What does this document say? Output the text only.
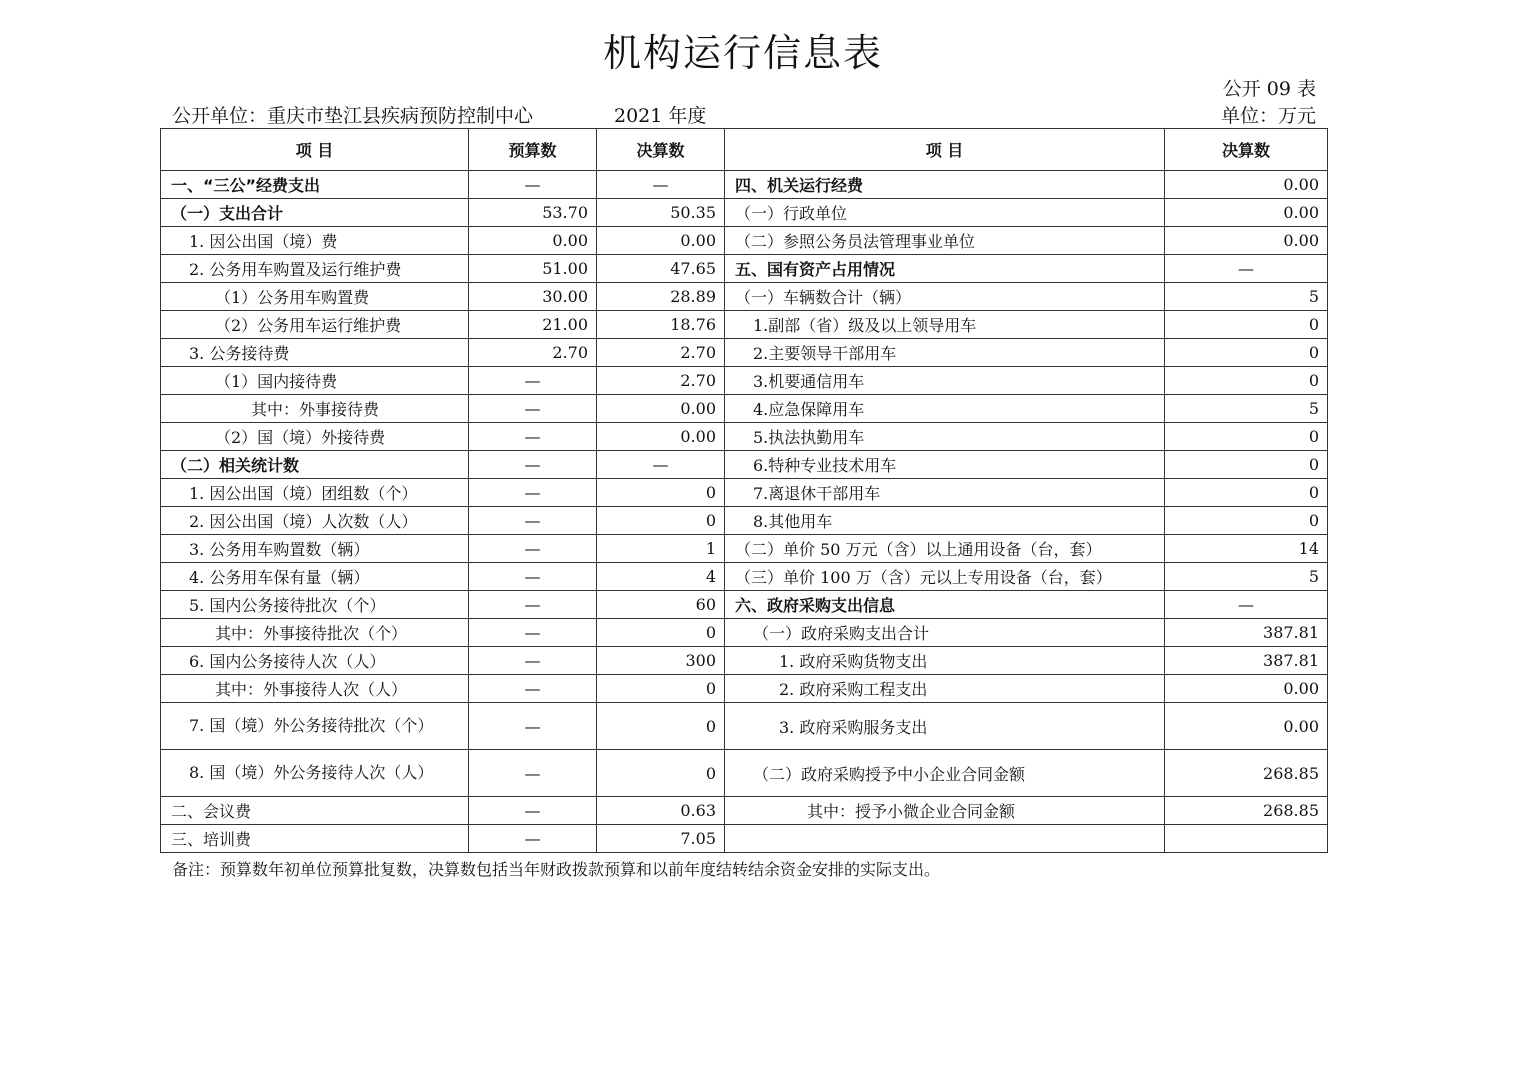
机构运行信息表
公开 09 表
公开单位：重庆市垫江县疾病预防控制中心	2021 年度	单位：万元
项 目	预算数	决算数	项 目	决算数
一、“三公”经费支出	—	—	四、机关运行经费	0.00
（一）支出合计	53.70	50.35	（一）行政单位	0.00
1. 因公出国（境）费	0.00	0.00	（二）参照公务员法管理事业单位	0.00
2. 公务用车购置及运行维护费	51.00	47.65	五、国有资产占用情况	—
（1）公务用车购置费	30.00	28.89	（一）车辆数合计（辆）	5
（2）公务用车运行维护费	21.00	18.76	1.副部（省）级及以上领导用车	0
3. 公务接待费	2.70	2.70	2.主要领导干部用车	0
（1）国内接待费	—	2.70	3.机要通信用车	0
其中：外事接待费	—	0.00	4.应急保障用车	5
（2）国（境）外接待费	—	0.00	5.执法执勤用车	0
（二）相关统计数	—	—	6.特种专业技术用车	0
1. 因公出国（境）团组数（个）	—	0	7.离退休干部用车	0
2. 因公出国（境）人次数（人）	—	0	8.其他用车	0
3. 公务用车购置数（辆）	—	1	（二）单价 50 万元（含）以上通用设备（台，套）	14
4. 公务用车保有量（辆）	—	4	（三）单价 100 万（含）元以上专用设备（台，套）	5
5. 国内公务接待批次（个）	—	60	六、政府采购支出信息	—
其中：外事接待批次（个）	—	0	（一）政府采购支出合计	387.81
6. 国内公务接待人次（人）	—	300	1. 政府采购货物支出	387.81
其中：外事接待人次（人）	—	0	2. 政府采购工程支出	0.00
7. 国（境）外公务接待批次（个）	—	0	3. 政府采购服务支出	0.00
8. 国（境）外公务接待人次（人）	—	0	（二）政府采购授予中小企业合同金额	268.85
二、会议费	—	0.63	其中：授予小微企业合同金额	268.85
三、培训费	—	7.05		
备注：预算数年初单位预算批复数，决算数包括当年财政拨款预算和以前年度结转结余资金安排的实际支出。
